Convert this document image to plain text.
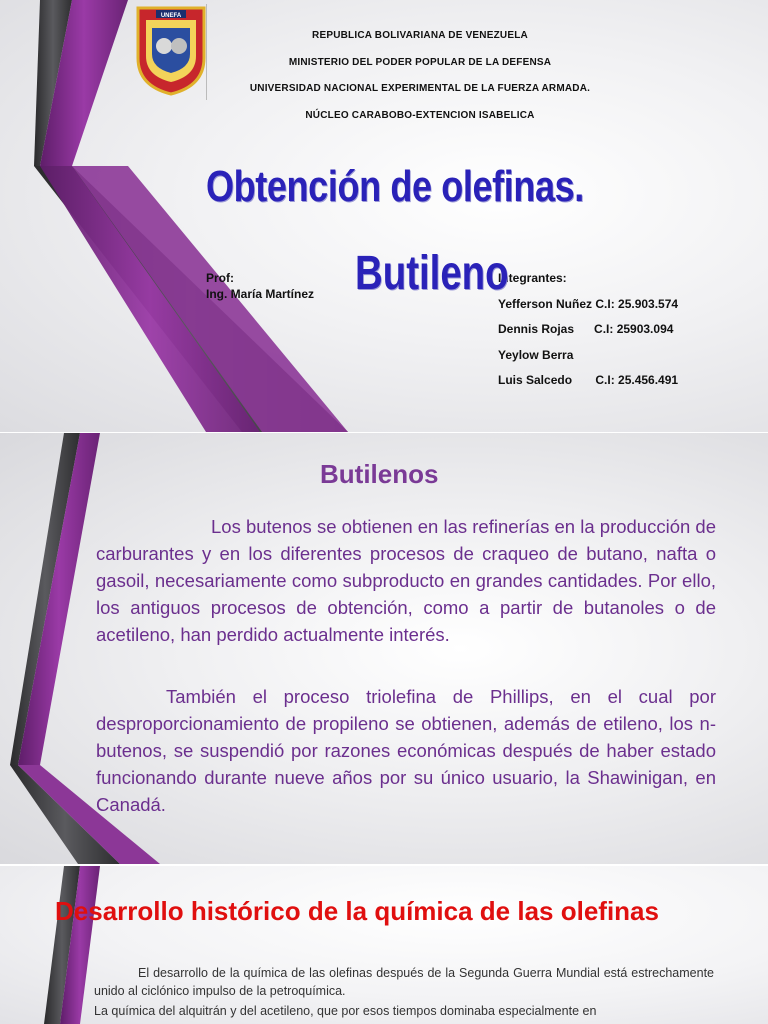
UNEFA
REPUBLICA BOLIVARIANA DE VENEZUELA
MINISTERIO DEL PODER POPULAR DE LA DEFENSA
UNIVERSIDAD NACIONAL EXPERIMENTAL DE LA FUERZA ARMADA.
NÚCLEO CARABOBO-EXTENCION ISABELICA
Obtención de olefinas.
Prof:
Ing. María Martínez
Integrantes:
Yefferson Nuñez C.I: 25.903.574
Dennis Rojas      C.I: 25903.094
Yeylow Berra
Luis Salcedo       C.I: 25.456.491
Butileno
Butilenos
Los butenos se obtienen en las refinerías en la producción de carburantes y en los diferentes procesos de craqueo de butano, nafta o gasoil, necesariamente como subproducto en grandes cantidades. Por ello, los antiguos procesos de obtención, como a partir de butanoles o de acetileno, han perdido actualmente interés.
También el proceso triolefina de Phillips, en el cual por desproporcionamiento de propileno se obtienen, además de etileno, los n-butenos, se suspendió por razones económicas después de haber estado funcionando durante nueve años por su único usuario, la Shawinigan, en Canadá.
Desarrollo histórico de la química de las olefinas
El desarrollo de la química de las olefinas después de la Segunda Guerra Mundial está estrechamente unido al ciclónico impulso de la petroquímica.
La química del alquitrán y del acetileno, que por esos tiempos dominaba especialmente en
